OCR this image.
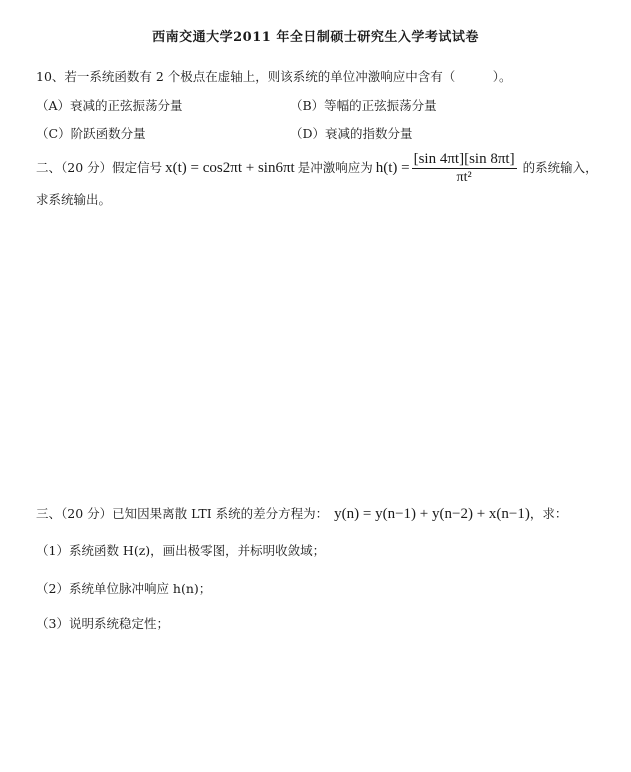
西南交通大学2011 年全日制硕士研究生入学考试试卷
10、若一系统函数有 2 个极点在虚轴上，则该系统的单位冲激响应中含有（　　　）。
（A）衰减的正弦振荡分量	（B）等幅的正弦振荡分量
（C）阶跃函数分量	（D）衰减的指数分量
二、（20 分）假定信号 x(t) = cos2πt + sin6πt 是冲激响应为 $h(t) = \frac{[\sin 4\pi t][\sin 8\pi t]}{\text{πt²}}$ 的系统输入，
求系统输出。
三、（20 分）已知因果离散 LTI 系统的差分方程为： y(n) = y(n−1) + y(n−2) + x(n−1) ，求：
（1）系统函数 H(z)，画出极零图，并标明收敛域；
（2）系统单位脉冲响应 h(n)；
（3）说明系统稳定性；
